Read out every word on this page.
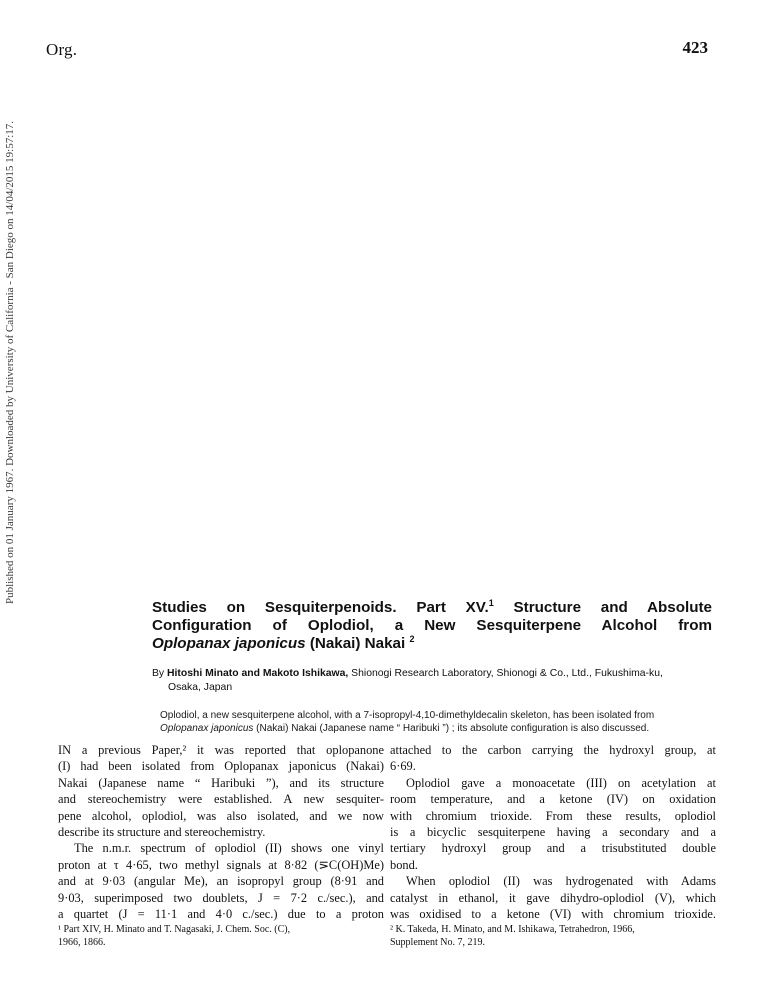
Org.	423
Published on 01 January 1967. Downloaded by University of California - San Diego on 14/04/2015 19:57:17.
Studies on Sesquiterpenoids. Part XV.$^1$ Structure and Absolute
Configuration of Oplodiol, a New Sesquiterpene Alcohol from
Oplopanax japonicus (Nakai) Nakai $^2$
By Hitoshi Minato and Makoto Ishikawa, Shionogi Research Laboratory, Shionogi & Co., Ltd., Fukushima-ku,
Osaka, Japan
Oplodiol, a new sesquiterpene alcohol, with a 7-isopropyl-4,10-dimethyldecalin skeleton, has been isolated from
Oplopanax japonicus (Nakai) Nakai (Japanese name “ Haribuki ”) ; its absolute configuration is also discussed.
IN a previous Paper,² it was reported that oplopanone
(I) had been isolated from Oplopanax japonicus (Nakai)
Nakai (Japanese name “ Haribuki ”), and its structure
and stereochemistry were established. A new sesquiter-
pene alcohol, oplodiol, was also isolated, and we now
describe its structure and stereochemistry.
The n.m.r. spectrum of oplodiol (II) shows one vinyl
proton at τ 4·65, two methyl signals at 8·82 (⋝C(OH)Me)
and at 9·03 (angular Me), an isopropyl group (8·91 and
9·03, superimposed two doublets, J = 7·2 c./sec.), and
a quartet (J = 11·1 and 4·0 c./sec.) due to a proton
¹ Part XIV, H. Minato and T. Nagasaki, J. Chem. Soc. (C),
1966, 1866.
attached to the carbon carrying the hydroxyl group, at
6·69.
Oplodiol gave a monoacetate (III) on acetylation at
room temperature, and a ketone (IV) on oxidation
with chromium trioxide. From these results, oplodiol
is a bicyclic sesquiterpene having a secondary and a
tertiary hydroxyl group and a trisubstituted double
bond.
When oplodiol (II) was hydrogenated with Adams
catalyst in ethanol, it gave dihydro-oplodiol (V), which
was oxidised to a ketone (VI) with chromium trioxide.
² K. Takeda, H. Minato, and M. Ishikawa, Tetrahedron, 1966,
Supplement No. 7, 219.
